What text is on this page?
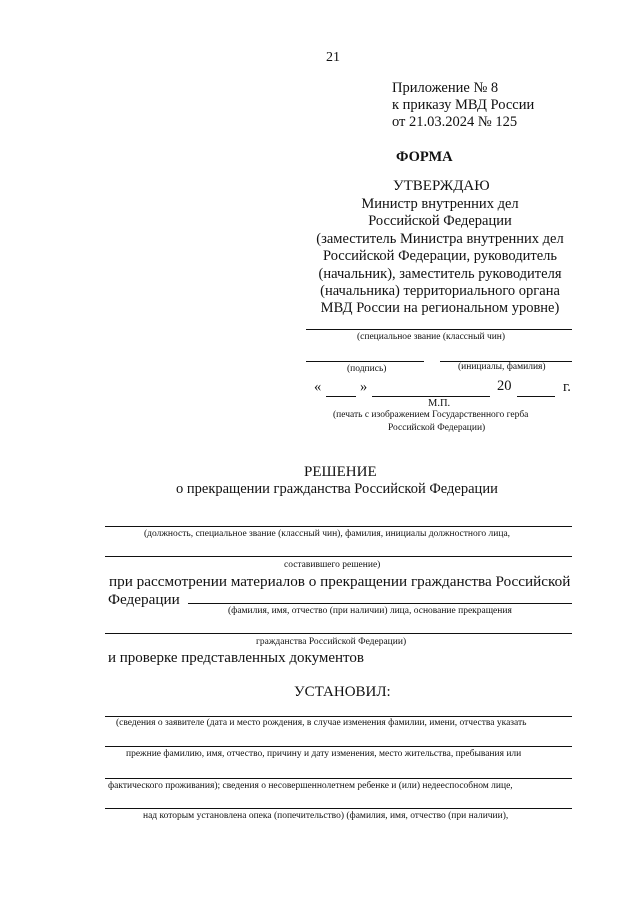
21
Приложение № 8
к приказу МВД России
от 21.03.2024 № 125
ФОРМА
УТВЕРЖДАЮ
Министр внутренних дел
Российской Федерации
(заместитель Министра внутренних дел
Российской Федерации, руководитель
(начальник), заместитель руководителя
(начальника) территориального органа
МВД России на региональном уровне)
(специальное звание (классный чин)
(подпись)	(инициалы, фамилия)
«	»	20	г.
М.П.
(печать с изображением Государственного герба
Российской Федерации)
РЕШЕНИЕ
о прекращении гражданства Российской Федерации
(должность, специальное звание (классный чин), фамилия, инициалы должностного лица,
составившего решение)
при рассмотрении материалов о прекращении гражданства Российской
Федерации
(фамилия, имя, отчество (при наличии) лица, основание прекращения
гражданства Российской Федерации)
и проверке представленных документов
УСТАНОВИЛ:
(сведения о заявителе (дата и место рождения, в случае изменения фамилии, имени, отчества указать
прежние фамилию, имя, отчество, причину и дату изменения, место жительства, пребывания или
фактического проживания); сведения о несовершеннолетнем ребенке и (или) недееспособном лице,
над которым установлена опека (попечительство) (фамилия, имя, отчество (при наличии),
